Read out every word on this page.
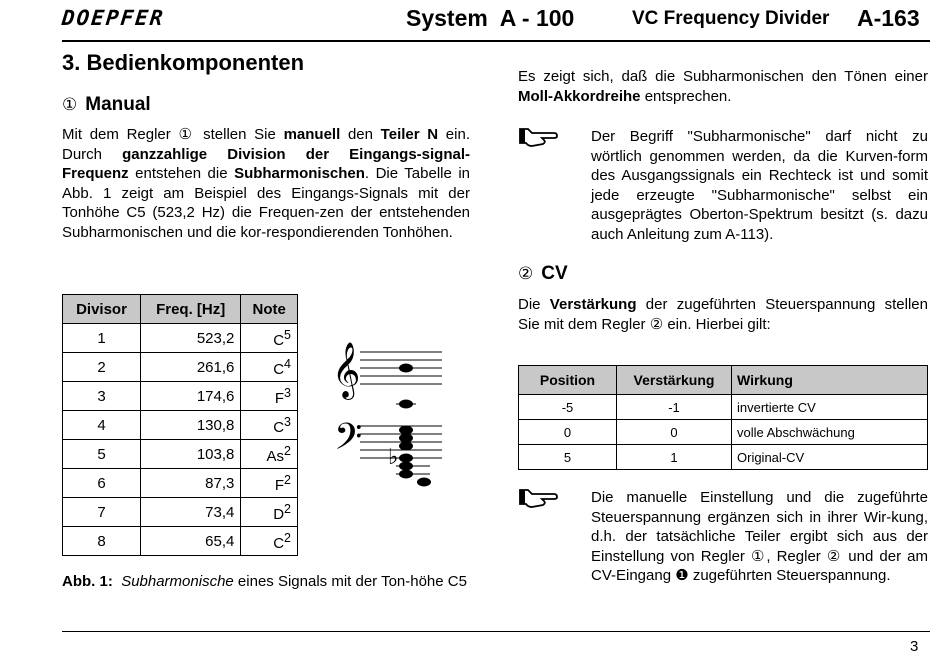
DOEPFER	System  A - 100	VC Frequency Divider A-163
3. Bedienkomponenten
① Manual
Mit dem Regler ① stellen Sie manuell den Teiler N ein. Durch ganzzahlige Division der Eingangs-signal-Frequenz entstehen die Subharmonischen. Die Tabelle in Abb. 1 zeigt am Beispiel des Eingangs-Signals mit der Tonhöhe C5 (523,2 Hz) die Frequen-zen der entstehenden Subharmonischen und die kor-respondierenden Tonhöhen.
Divisor	Freq. [Hz]	Note
1	523,2	$C^5$
2	261,6	$C^4$
3	174,6	$F^3$
4	130,8	$C^3$
5	103,8	As$^2$
6	87,3	$F^2$
7	73,4	$D^2$
8	65,4	$C^2$
𝄞
𝄢 ♭
Abb. 1: Subharmonische eines Signals mit der Ton-höhe C5
Es zeigt sich, daß die Subharmonischen den Tönen einer Moll-Akkordreihe entsprechen.
Der Begriff "Subharmonische" darf nicht zu wörtlich genommen werden, da die Kurven-form des Ausgangssignals ein Rechteck ist und somit jede erzeugte "Subharmonische" selbst ein ausgeprägtes Oberton-Spektrum besitzt (s. dazu auch Anleitung zum A-113).
② CV
Die Verstärkung der zugeführten Steuerspannung stellen Sie mit dem Regler ② ein. Hierbei gilt:
Position	Verstärkung	Wirkung
-5	-1	invertierte CV
0	0	volle Abschwächung
5	1	Original-CV
Die manuelle Einstellung und die zugeführte Steuerspannung ergänzen sich in ihrer Wir-kung, d.h. der tatsächliche Teiler ergibt sich aus der Einstellung von Regler ①, Regler ② und der am CV-Eingang ❶ zugeführten Steuerspannung.
3
